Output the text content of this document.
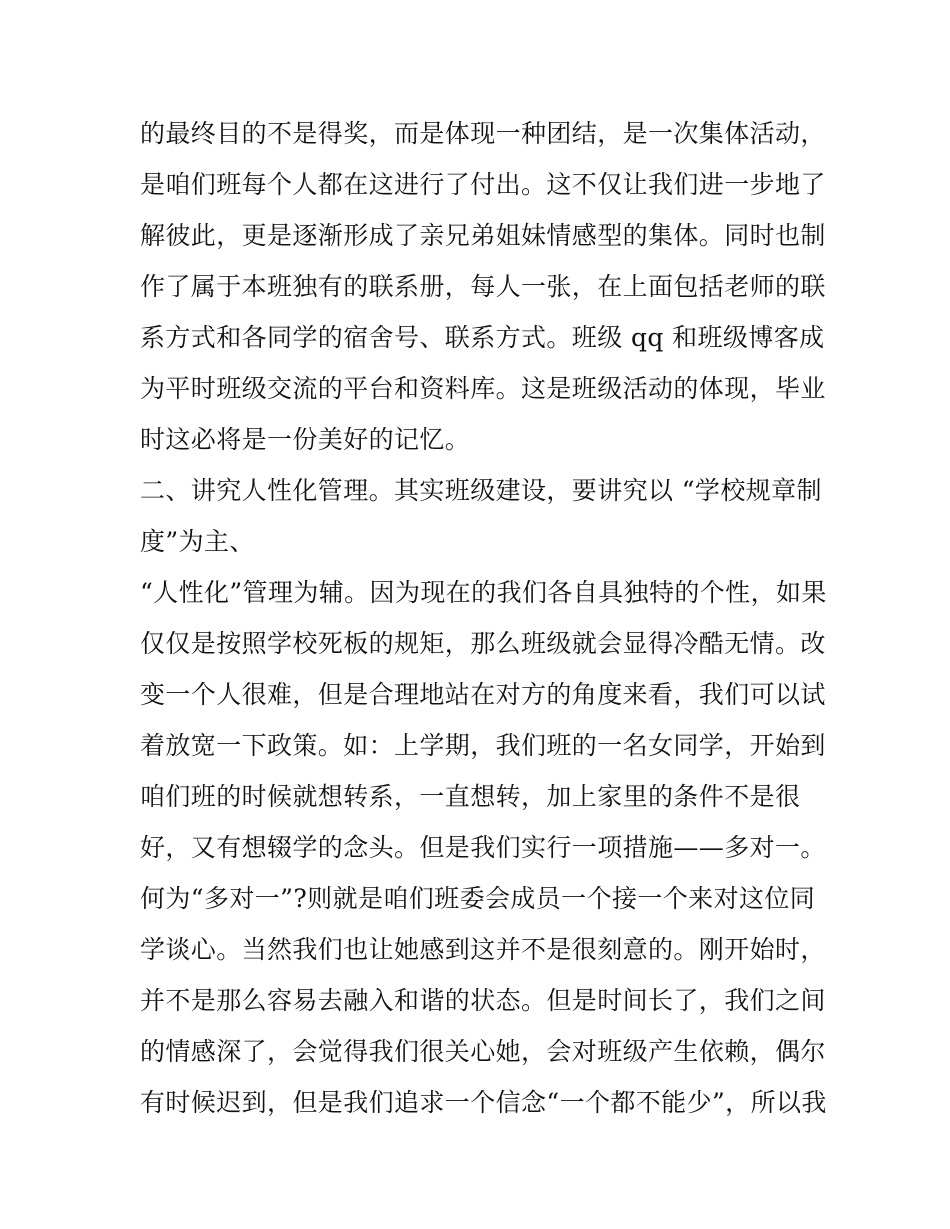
的最终目的不是得奖，而是体现一种团结，是一次集体活动，
是咱们班每个人都在这进行了付出。这不仅让我们进一步地了
解彼此，更是逐渐形成了亲兄弟姐妹情感型的集体。同时也制
作了属于本班独有的联系册，每人一张，在上面包括老师的联
系方式和各同学的宿舍号、联系方式。班级 qq 和班级博客成
为平时班级交流的平台和资料库。这是班级活动的体现，毕业
时这必将是一份美好的记忆。
二、讲究人性化管理。其实班级建设，要讲究以 “学校规章制
度”为主、
“人性化”管理为辅。因为现在的我们各自具独特的个性，如果
仅仅是按照学校死板的规矩，那么班级就会显得冷酷无情。改
变一个人很难，但是合理地站在对方的角度来看，我们可以试
着放宽一下政策。如：上学期，我们班的一名女同学，开始到
咱们班的时候就想转系，一直想转，加上家里的条件不是很
好，又有想辍学的念头。但是我们实行一项措施——多对一。
何为“多对一”?则就是咱们班委会成员一个接一个来对这位同
学谈心。当然我们也让她感到这并不是很刻意的。刚开始时，
并不是那么容易去融入和谐的状态。但是时间长了，我们之间
的情感深了，会觉得我们很关心她，会对班级产生依赖，偶尔
有时候迟到，但是我们追求一个信念“一个都不能少”，所以我
